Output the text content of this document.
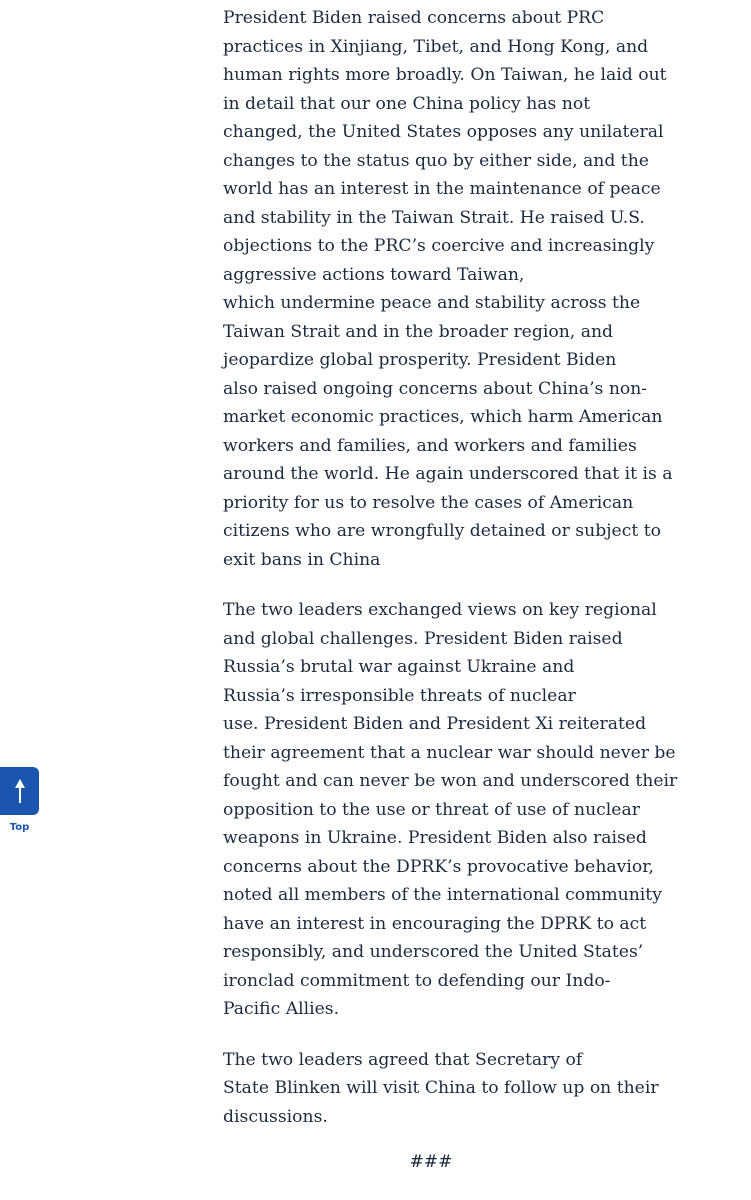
President Biden raised concerns about PRC
practices in Xinjiang, Tibet, and Hong Kong, and
human rights more broadly. On Taiwan, he laid out
in detail that our one China policy has not
changed, the United States opposes any unilateral
changes to the status quo by either side, and the
world has an interest in the maintenance of peace
and stability in the Taiwan Strait. He raised U.S.
objections to the PRC’s coercive and increasingly
aggressive actions toward Taiwan,
which undermine peace and stability across the
Taiwan Strait and in the broader region, and
jeopardize global prosperity. President Biden
also raised ongoing concerns about China’s non-
market economic practices, which harm American
workers and families, and workers and families
around the world. He again underscored that it is a
priority for us to resolve the cases of American
citizens who are wrongfully detained or subject to
exit bans in China

The two leaders exchanged views on key regional
and global challenges. President Biden raised
Russia’s brutal war against Ukraine and
Russia’s irresponsible threats of nuclear
use. President Biden and President Xi reiterated
their agreement that a nuclear war should never be
fought and can never be won and underscored their
opposition to the use or threat of use of nuclear
weapons in Ukraine. President Biden also raised
concerns about the DPRK’s provocative behavior,
noted all members of the international community
have an interest in encouraging the DPRK to act
responsibly, and underscored the United States’
ironclad commitment to defending our Indo-
Pacific Allies.

The two leaders agreed that Secretary of
State Blinken will visit China to follow up on their
discussions.

###
Top
